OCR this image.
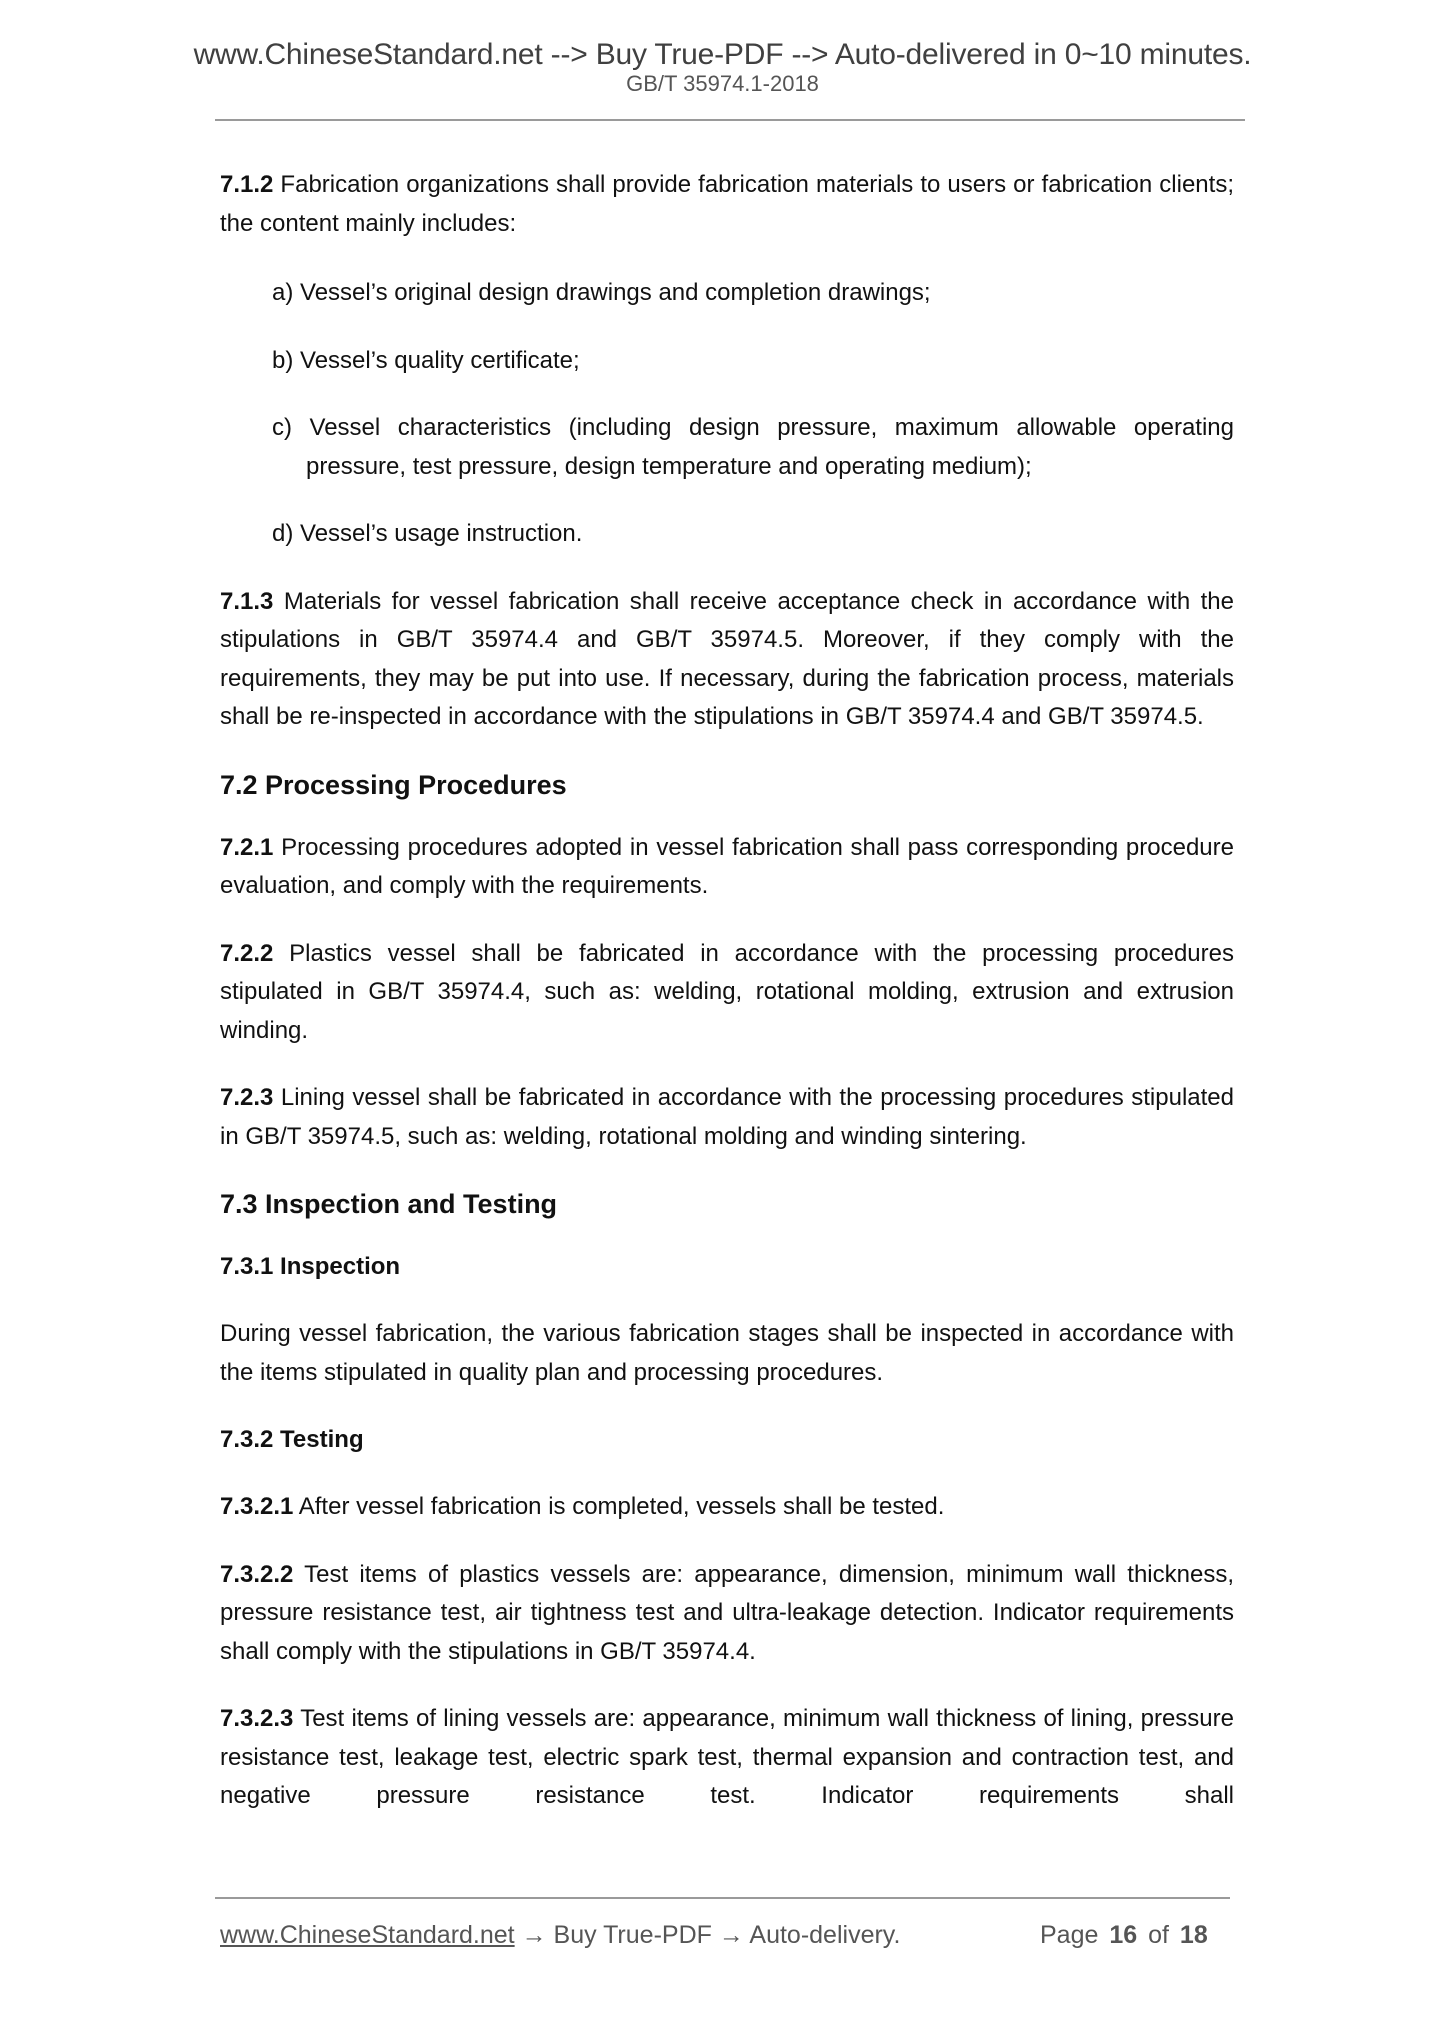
www.ChineseStandard.net --> Buy True-PDF --> Auto-delivered in 0~10 minutes.
GB/T 35974.1-2018

7.1.2 Fabrication organizations shall provide fabrication materials to users or fabrication clients; the content mainly includes:

a) Vessel’s original design drawings and completion drawings;

b) Vessel’s quality certificate;

c) Vessel characteristics (including design pressure, maximum allowable operating pressure, test pressure, design temperature and operating medium);

d) Vessel’s usage instruction.

7.1.3 Materials for vessel fabrication shall receive acceptance check in accordance with the stipulations in GB/T 35974.4 and GB/T 35974.5. Moreover, if they comply with the requirements, they may be put into use. If necessary, during the fabrication process, materials shall be re-inspected in accordance with the stipulations in GB/T 35974.4 and GB/T 35974.5.

7.2 Processing Procedures

7.2.1 Processing procedures adopted in vessel fabrication shall pass corresponding procedure evaluation, and comply with the requirements.

7.2.2 Plastics vessel shall be fabricated in accordance with the processing procedures stipulated in GB/T 35974.4, such as: welding, rotational molding, extrusion and extrusion winding.

7.2.3 Lining vessel shall be fabricated in accordance with the processing procedures stipulated in GB/T 35974.5, such as: welding, rotational molding and winding sintering.

7.3 Inspection and Testing
7.3.1 Inspection

During vessel fabrication, the various fabrication stages shall be inspected in accordance with the items stipulated in quality plan and processing procedures.

7.3.2 Testing

7.3.2.1 After vessel fabrication is completed, vessels shall be tested.

7.3.2.2 Test items of plastics vessels are: appearance, dimension, minimum wall thickness, pressure resistance test, air tightness test and ultra-leakage detection. Indicator requirements shall comply with the stipulations in GB/T 35974.4.

7.3.2.3 Test items of lining vessels are: appearance, minimum wall thickness of lining, pressure resistance test, leakage test, electric spark test, thermal expansion and contraction test, and negative pressure resistance test. Indicator requirements shall

www.ChineseStandard.net → Buy True-PDF → Auto-delivery.	Page 16 of 18
